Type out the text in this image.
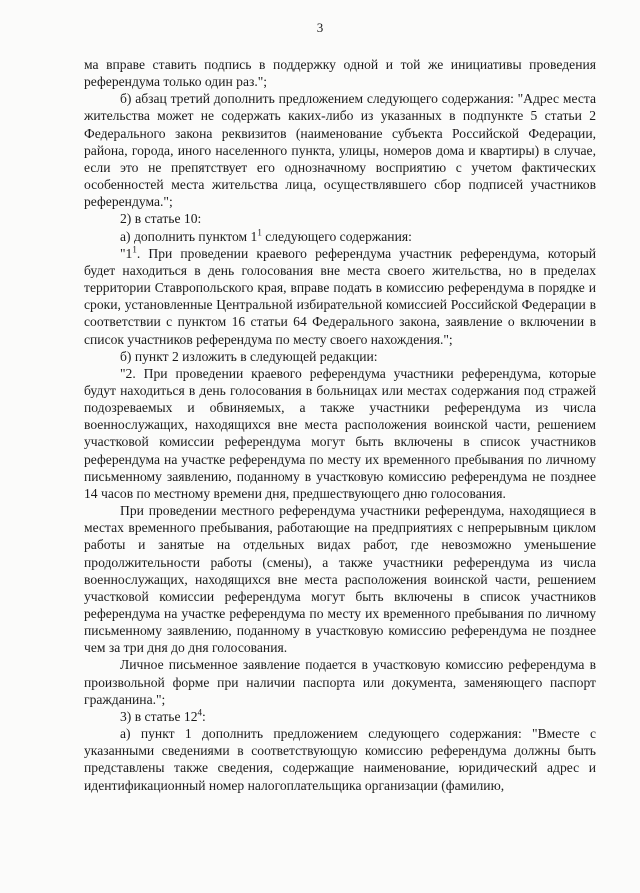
3

ма вправе ставить подпись в поддержку одной и той же инициативы проведения референдума только один раз.";

б) абзац третий дополнить предложением следующего содержания: "Адрес места жительства может не содержать каких-либо из указанных в подпункте 5 статьи 2 Федерального закона реквизитов (наименование субъекта Российской Федерации, района, города, иного населенного пункта, улицы, номеров дома и квартиры) в случае, если это не препятствует его однозначному восприятию с учетом фактических особенностей места жительства лица, осуществлявшего сбор подписей участников референдума.";

2) в статье 10:

а) дополнить пунктом $1^1$ следующего содержания:

"$1^1$. При проведении краевого референдума участник референдума, который будет находиться в день голосования вне места своего жительства, но в пределах территории Ставропольского края, вправе подать в комиссию референдума в порядке и сроки, установленные Центральной избирательной комиссией Российской Федерации в соответствии с пунктом 16 статьи 64 Федерального закона, заявление о включении в список участников референдума по месту своего нахождения.";

б) пункт 2 изложить в следующей редакции:

"2. При проведении краевого референдума участники референдума, которые будут находиться в день голосования в больницах или местах содержания под стражей подозреваемых и обвиняемых, а также участники референдума из числа военнослужащих, находящихся вне места расположения воинской части, решением участковой комиссии референдума могут быть включены в список участников референдума на участке референдума по месту их временного пребывания по личному письменному заявлению, поданному в участковую комиссию референдума не позднее 14 часов по местному времени дня, предшествующего дню голосования.

При проведении местного референдума участники референдума, находящиеся в местах временного пребывания, работающие на предприятиях с непрерывным циклом работы и занятые на отдельных видах работ, где невозможно уменьшение продолжительности работы (смены), а также участники референдума из числа военнослужащих, находящихся вне места расположения воинской части, решением участковой комиссии референдума могут быть включены в список участников референдума на участке референдума по месту их временного пребывания по личному письменному заявлению, поданному в участковую комиссию референдума не позднее чем за три дня до дня голосования.

Личное письменное заявление подается в участковую комиссию референдума в произвольной форме при наличии паспорта или документа, заменяющего паспорт гражданина.";

3) в статье $12^4$:

а) пункт 1 дополнить предложением следующего содержания: "Вместе с указанными сведениями в соответствующую комиссию референдума должны быть представлены также сведения, содержащие наименование, юридический адрес и идентификационный номер налогоплательщика организации (фамилию,
